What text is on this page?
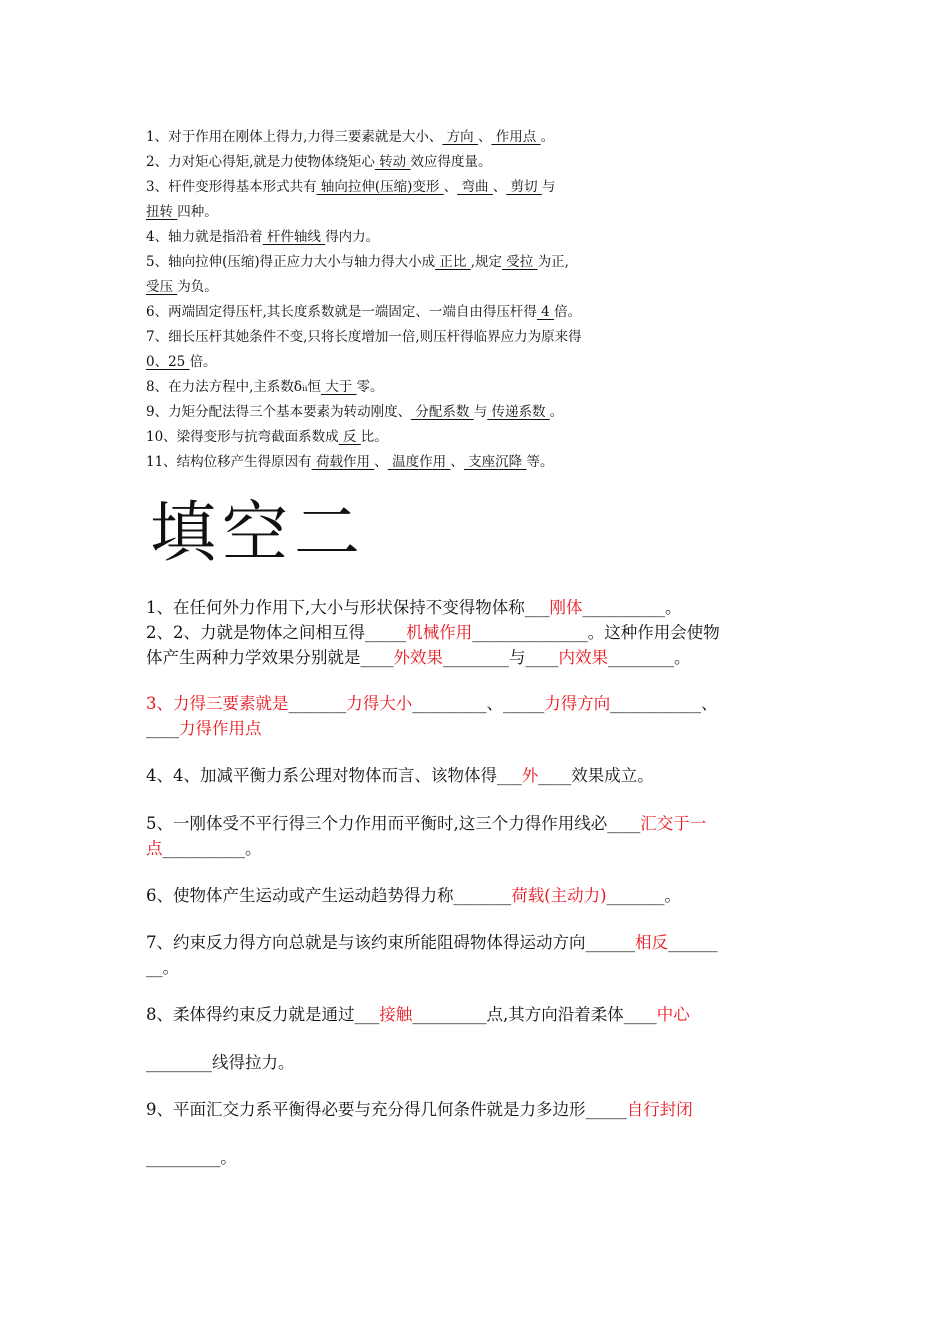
1、对于作用在刚体上得力,力得三要素就是大小、 方向 、 作用点 。
2、力对矩心得矩,就是力使物体绕矩心 转动 效应得度量。
3、杆件变形得基本形式共有 轴向拉伸(压缩)变形 、 弯曲 、 剪切 与
扭转 四种。
4、轴力就是指沿着 杆件轴线 得内力。
5、轴向拉伸(压缩)得正应力大小与轴力得大小成 正比 ,规定 受拉 为正,
受压 为负。
6、两端固定得压杆,其长度系数就是一端固定、一端自由得压杆得 4 倍。
7、细长压杆其她条件不变,只将长度增加一倍,则压杆得临界应力为原来得
0、25 倍。
8、在力法方程中,主系数δᵢᵢ恒 大于 零。
9、力矩分配法得三个基本要素为转动刚度、 分配系数 与 传递系数 。
10、梁得变形与抗弯截面系数成 反 比。
11、结构位移产生得原因有 荷载作用 、 温度作用 、 支座沉降 等。
填空二
1、在任何外力作用下,大小与形状保持不变得物体称___刚体__________。
2、2、力就是物体之间相互得_____机械作用______________。这种作用会使物
体产生两种力学效果分别就是____外效果________与____内效果________。
3、力得三要素就是_______力得大小_________、_____力得方向___________、
____力得作用点
4、4、加减平衡力系公理对物体而言、该物体得___外____效果成立。
5、一刚体受不平行得三个力作用而平衡时,这三个力得作用线必____汇交于一
点__________。
6、使物体产生运动或产生运动趋势得力称_______荷载(主动力)_______。
7、约束反力得方向总就是与该约束所能阻碍物体得运动方向______相反______
__。
8、柔体得约束反力就是通过___接触_________点,其方向沿着柔体____中心
________线得拉力。
9、平面汇交力系平衡得必要与充分得几何条件就是力多边形_____自行封闭
_________。
